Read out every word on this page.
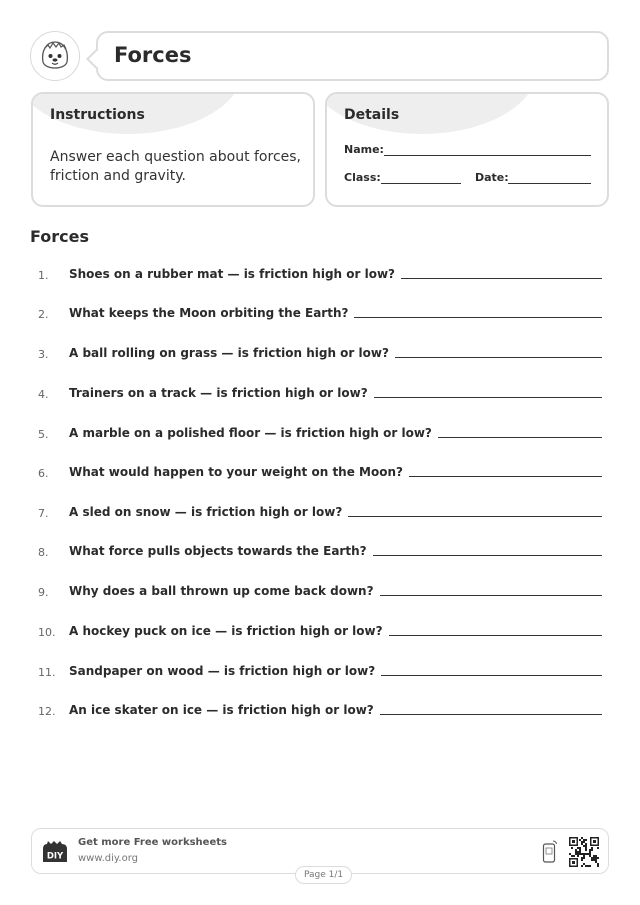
Forces
Instructions
Answer each question about forces, friction and gravity.
Details
Name:
Class:	Date:
Forces
1. Shoes on a rubber mat — is friction high or low?
2. What keeps the Moon orbiting the Earth?
3. A ball rolling on grass — is friction high or low?
4. Trainers on a track — is friction high or low?
5. A marble on a polished floor — is friction high or low?
6. What would happen to your weight on the Moon?
7. A sled on snow — is friction high or low?
8. What force pulls objects towards the Earth?
9. Why does a ball thrown up come back down?
10. A hockey puck on ice — is friction high or low?
11. Sandpaper on wood — is friction high or low?
12. An ice skater on ice — is friction high or low?
DIY
Get more Free worksheets
www.diy.org
Page 1/1
